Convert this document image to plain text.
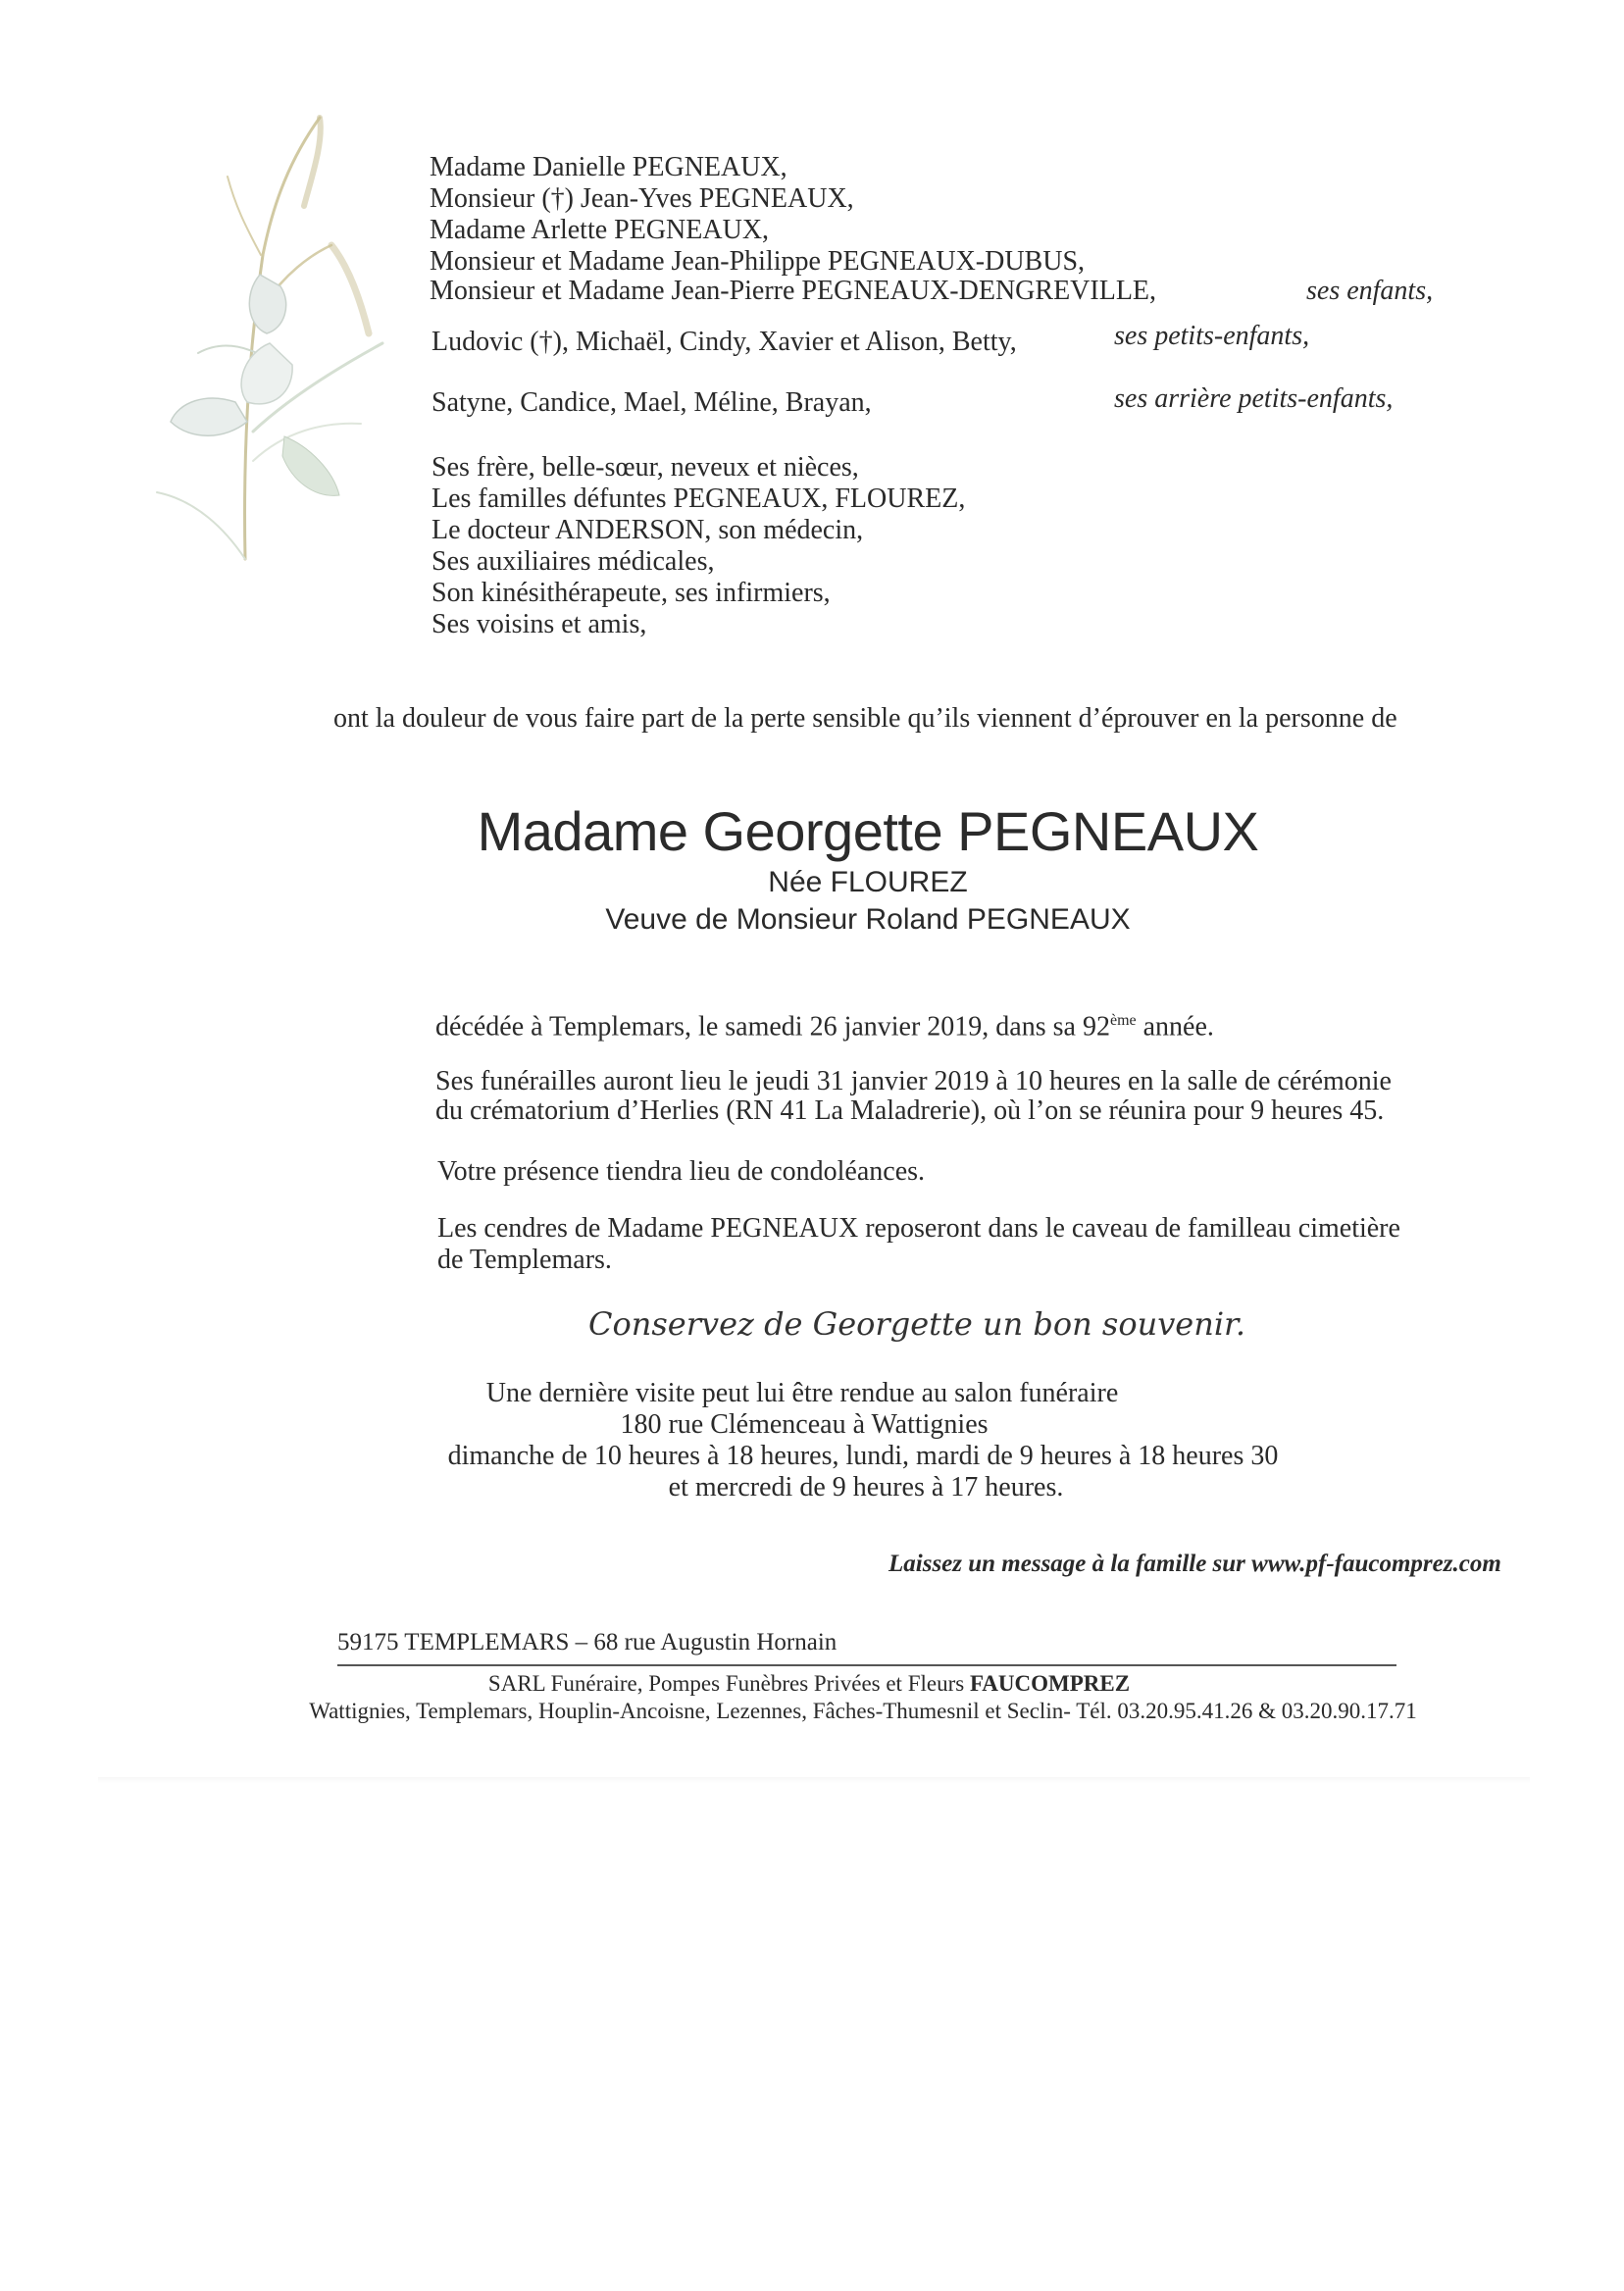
Madame Danielle PEGNEAUX,
Monsieur (†) Jean-Yves PEGNEAUX,
Madame Arlette PEGNEAUX,
Monsieur et Madame Jean-Philippe PEGNEAUX-DUBUS,
Monsieur et Madame Jean-Pierre PEGNEAUX-DENGREVILLE,	ses enfants,
Ludovic (†), Michaël, Cindy, Xavier et Alison, Betty,	ses petits-enfants,
Satyne, Candice, Mael, Méline, Brayan,	ses arrière petits-enfants,
Ses frère, belle-sœur, neveux et nièces,
Les familles défuntes PEGNEAUX, FLOUREZ,
Le docteur ANDERSON, son médecin,
Ses auxiliaires médicales,
Son kinésithérapeute, ses infirmiers,
Ses voisins et amis,
ont la douleur de vous faire part de la perte sensible qu’ils viennent d’éprouver en la personne de
Madame Georgette PEGNEAUX
Née FLOUREZ
Veuve de Monsieur Roland PEGNEAUX
décédée à Templemars, le samedi 26 janvier 2019, dans sa 92ème année.
Ses funérailles auront lieu le jeudi 31 janvier 2019 à 10 heures en la salle de cérémonie
du crématorium d’Herlies (RN 41 La Maladrerie), où l’on se réunira pour 9 heures 45.
Votre présence tiendra lieu de condoléances.
Les cendres de Madame PEGNEAUX reposeront dans le caveau de familleau cimetière
de Templemars.
Conservez de Georgette un bon souvenir.
Une dernière visite peut lui être rendue au salon funéraire
180 rue Clémenceau à Wattignies
dimanche de 10 heures à 18 heures, lundi, mardi de 9 heures à 18 heures 30
et mercredi de 9 heures à 17 heures.
Laissez un message à la famille sur www.pf-faucomprez.com
59175 TEMPLEMARS – 68 rue Augustin Hornain
SARL Funéraire, Pompes Funèbres Privées et Fleurs FAUCOMPREZ
Wattignies, Templemars, Houplin-Ancoisne, Lezennes, Fâches-Thumesnil et Seclin- Tél. 03.20.95.41.26 & 03.20.90.17.71
